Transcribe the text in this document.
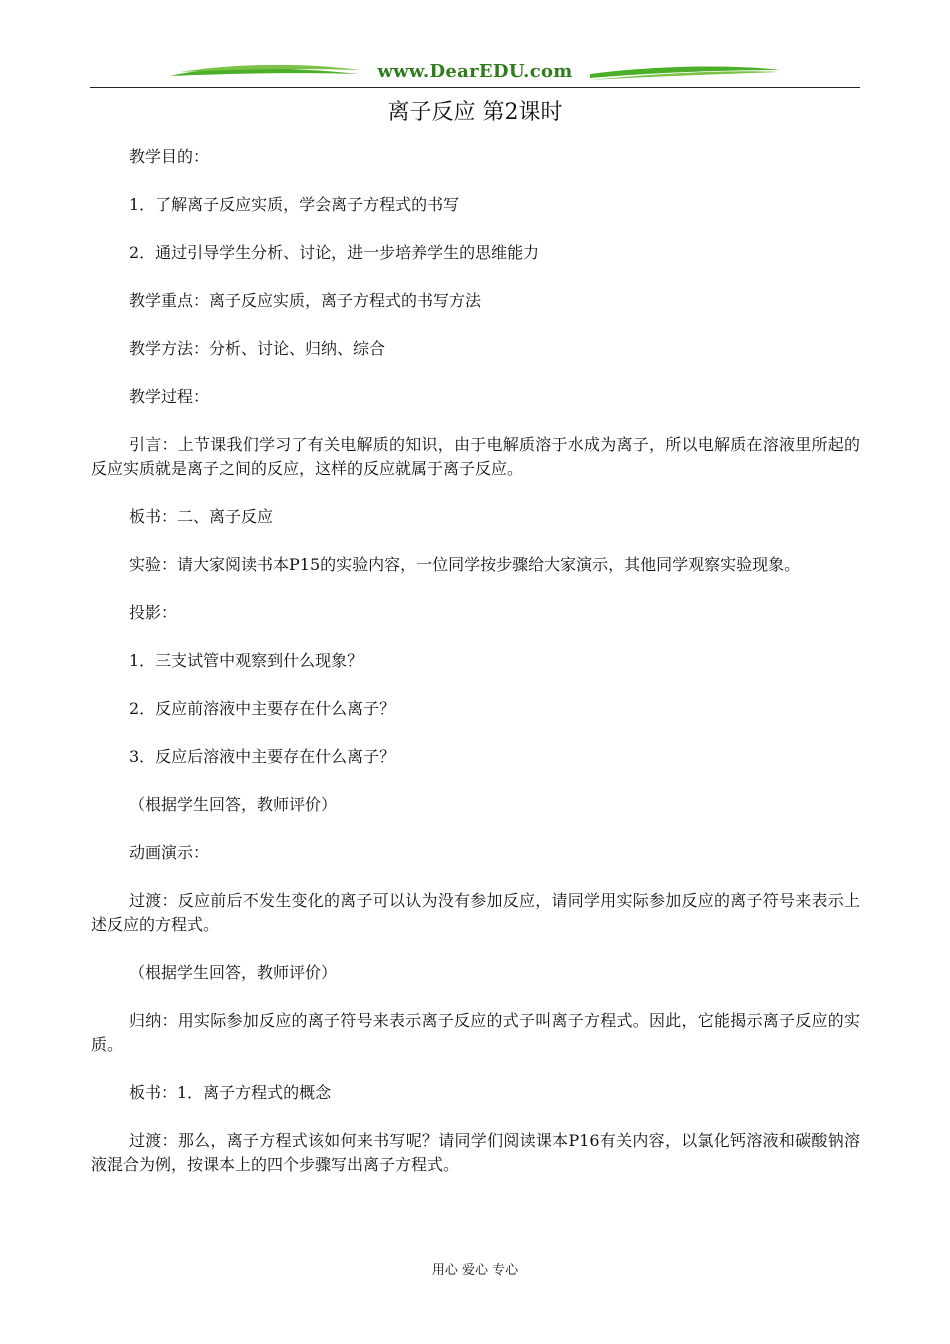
www.DearEDU.com
离子反应 第2课时

教学目的：

1．了解离子反应实质，学会离子方程式的书写

2．通过引导学生分析、讨论，进一步培养学生的思维能力

教学重点：离子反应实质，离子方程式的书写方法

教学方法：分析、讨论、归纳、综合

教学过程：

引言：上节课我们学习了有关电解质的知识，由于电解质溶于水成为离子，所以电解质在溶液里所起的反应实质就是离子之间的反应，这样的反应就属于离子反应。

板书：二、离子反应

实验：请大家阅读书本P15的实验内容，一位同学按步骤给大家演示，其他同学观察实验现象。

投影：

1．三支试管中观察到什么现象？

2．反应前溶液中主要存在什么离子？

3．反应后溶液中主要存在什么离子？

（根据学生回答，教师评价）

动画演示：

过渡：反应前后不发生变化的离子可以认为没有参加反应，请同学用实际参加反应的离子符号来表示上述反应的方程式。

（根据学生回答，教师评价）

归纳：用实际参加反应的离子符号来表示离子反应的式子叫离子方程式。因此，它能揭示离子反应的实质。

板书：1．离子方程式的概念

过渡：那么，离子方程式该如何来书写呢？请同学们阅读课本P16有关内容，以氯化钙溶液和碳酸钠溶液混合为例，按课本上的四个步骤写出离子方程式。

用心 爱心 专心
